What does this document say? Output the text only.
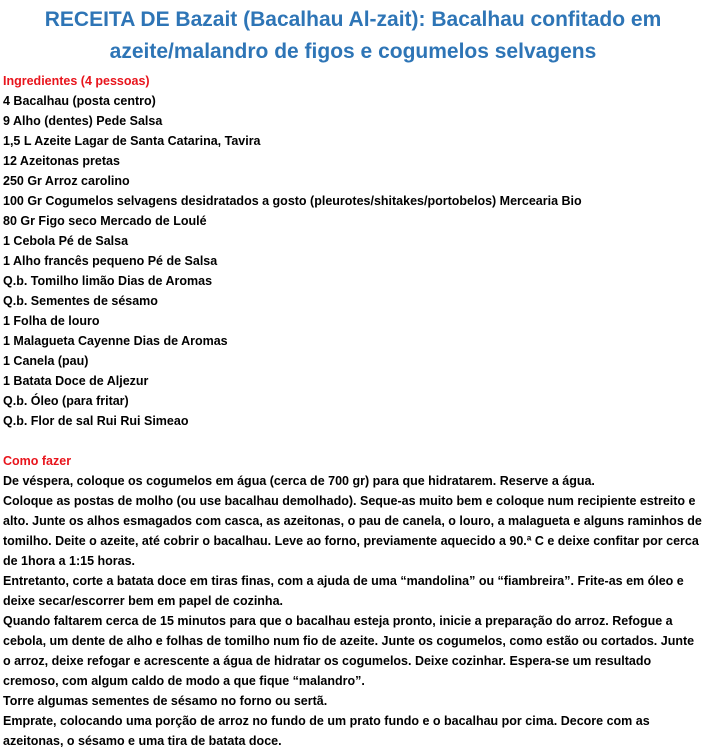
RECEITA DE Bazait (Bacalhau Al-zait): Bacalhau confitado em
azeite/malandro de figos e cogumelos selvagens

Ingredientes (4 pessoas)

4 Bacalhau (posta centro)
9 Alho (dentes) Pede Salsa
1,5 L Azeite Lagar de Santa Catarina, Tavira
12 Azeitonas pretas
250 Gr Arroz carolino
100 Gr Cogumelos selvagens desidratados a gosto (pleurotes/shitakes/portobelos) Mercearia Bio
80 Gr Figo seco Mercado de Loulé
1 Cebola Pé de Salsa
1 Alho francês pequeno Pé de Salsa
Q.b. Tomilho limão Dias de Aromas
Q.b. Sementes de sésamo
1 Folha de louro
1 Malagueta Cayenne Dias de Aromas
1 Canela (pau)
1 Batata Doce de Aljezur
Q.b. Óleo (para fritar)
Q.b. Flor de sal Rui Rui Simeao

Como fazer

De véspera, coloque os cogumelos em água (cerca de 700 gr) para que hidratarem. Reserve a água.

Coloque as postas de molho (ou use bacalhau demolhado). Seque-as muito bem e coloque num recipiente estreito e alto. Junte os alhos esmagados com casca, as azeitonas, o pau de canela, o louro, a malagueta e alguns raminhos de tomilho. Deite o azeite, até cobrir o bacalhau. Leve ao forno, previamente aquecido a 90.ª C e deixe confitar por cerca de 1hora a 1:15 horas.

Entretanto, corte a batata doce em tiras finas, com a ajuda de uma “mandolina” ou “fiambreira”. Frite-as em óleo e deixe secar/escorrer bem em papel de cozinha.

Quando faltarem cerca de 15 minutos para que o bacalhau esteja pronto, inicie a preparação do arroz. Refogue a cebola, um dente de alho e folhas de tomilho num fio de azeite. Junte os cogumelos, como estão ou cortados. Junte o arroz, deixe refogar e acrescente a água de hidratar os cogumelos. Deixe cozinhar. Espera-se um resultado cremoso, com algum caldo de modo a que fique “malandro”.

Torre algumas sementes de sésamo no forno ou sertã.

Emprate, colocando uma porção de arroz no fundo de um prato fundo e o bacalhau por cima. Decore com as azeitonas, o sésamo e uma tira de batata doce.
